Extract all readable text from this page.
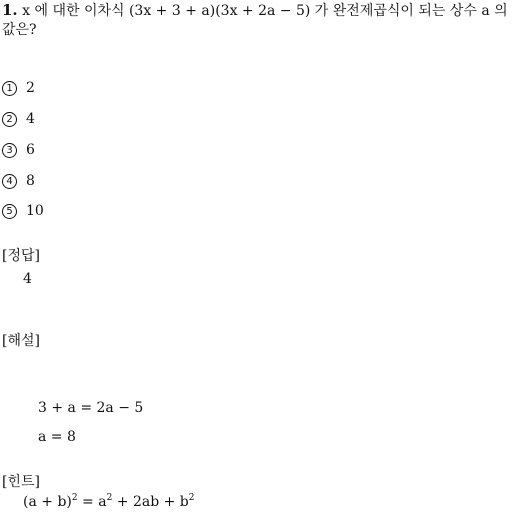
1. x 에 대한 이차식 (3x + 3 + a)(3x + 2a − 5) 가 완전제곱식이 되는 상수 a 의
값은?
1 2
2 4
3 6
4 8
5 10
[정답]
4
[해설]
3 + a = 2a − 5
a = 8
[힌트]
$(a + b)^2 = a^2 + 2ab + b^2$
